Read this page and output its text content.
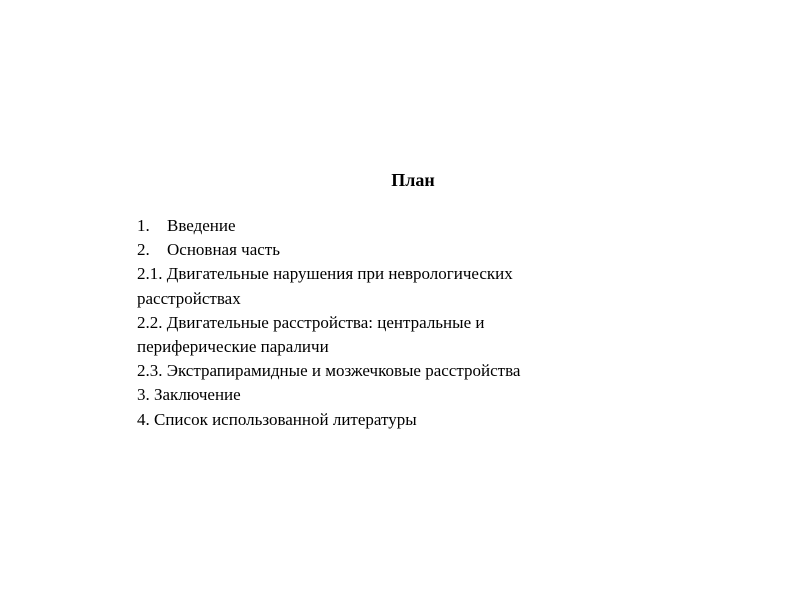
План
1.	Введение
2.	Основная часть
2.1. Двигательные нарушения при неврологических
расстройствах
2.2. Двигательные расстройства: центральные и
периферические параличи
2.3. Экстрапирамидные и мозжечковые расстройства
3. Заключение
4. Список использованной литературы
